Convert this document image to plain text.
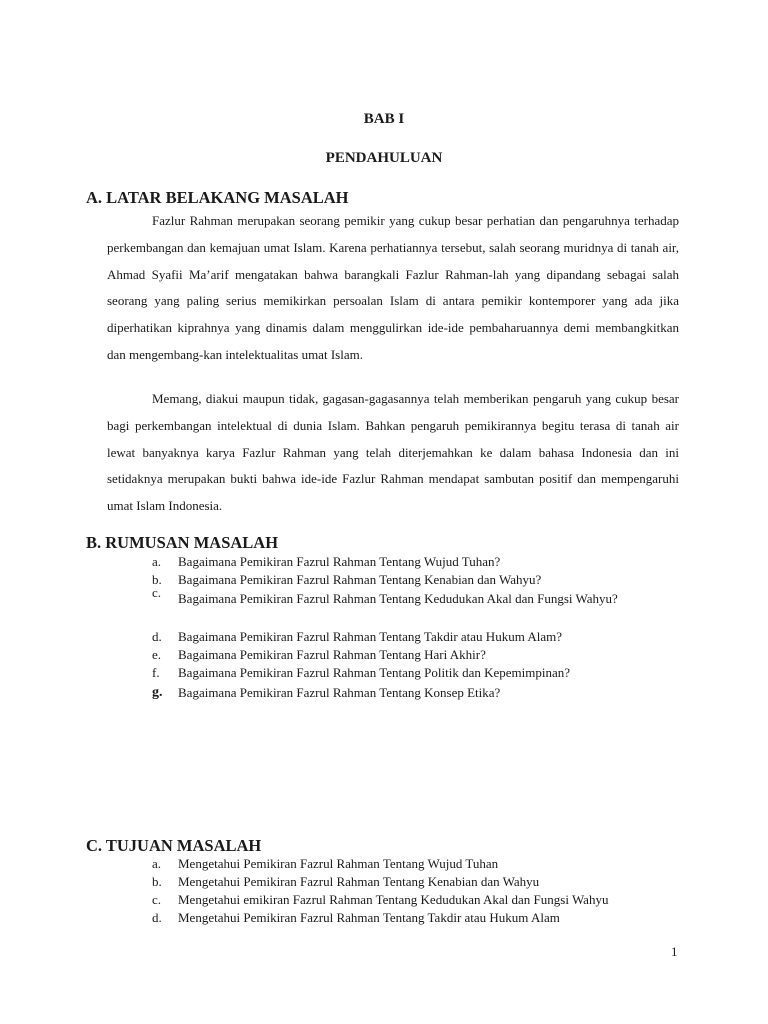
BAB I
PENDAHULUAN
A. LATAR BELAKANG MASALAH

Fazlur Rahman merupakan seorang pemikir yang cukup besar perhatian dan pengaruhnya terhadap perkembangan dan kemajuan umat Islam. Karena perhatiannya tersebut, salah seorang muridnya di tanah air, Ahmad Syafii Ma’arif mengatakan bahwa barangkali Fazlur Rahman-lah yang dipandang sebagai salah seorang yang paling serius memikirkan persoalan Islam di antara pemikir kontemporer yang ada jika diperhatikan kiprahnya yang dinamis dalam menggulirkan ide-ide pembaharuannya demi membangkitkan dan mengembang-kan intelektualitas umat Islam.

Memang, diakui maupun tidak, gagasan-gagasannya telah memberikan pengaruh yang cukup besar bagi perkembangan intelektual di dunia Islam. Bahkan pengaruh pemikirannya begitu terasa di tanah air lewat banyaknya karya Fazlur Rahman yang telah diterjemahkan ke dalam bahasa Indonesia dan ini setidaknya merupakan bukti bahwa ide-ide Fazlur Rahman mendapat sambutan positif dan mempengaruhi umat Islam Indonesia.

B. RUMUSAN MASALAH
a. Bagaimana Pemikiran Fazrul Rahman Tentang Wujud Tuhan?
b. Bagaimana Pemikiran Fazrul Rahman Tentang Kenabian dan Wahyu?
c. Bagaimana Pemikiran Fazrul Rahman Tentang Kedudukan Akal dan Fungsi Wahyu?
d. Bagaimana Pemikiran Fazrul Rahman Tentang Takdir atau Hukum Alam?
e. Bagaimana Pemikiran Fazrul Rahman Tentang Hari Akhir?
f. Bagaimana Pemikiran Fazrul Rahman Tentang Politik dan Kepemimpinan?
g. Bagaimana Pemikiran Fazrul Rahman Tentang Konsep Etika?
C. TUJUAN MASALAH
a. Mengetahui Pemikiran Fazrul Rahman Tentang Wujud Tuhan
b. Mengetahui Pemikiran Fazrul Rahman Tentang Kenabian dan Wahyu
c. Mengetahui emikiran Fazrul Rahman Tentang Kedudukan Akal dan Fungsi Wahyu
d. Mengetahui Pemikiran Fazrul Rahman Tentang Takdir atau Hukum Alam
1
